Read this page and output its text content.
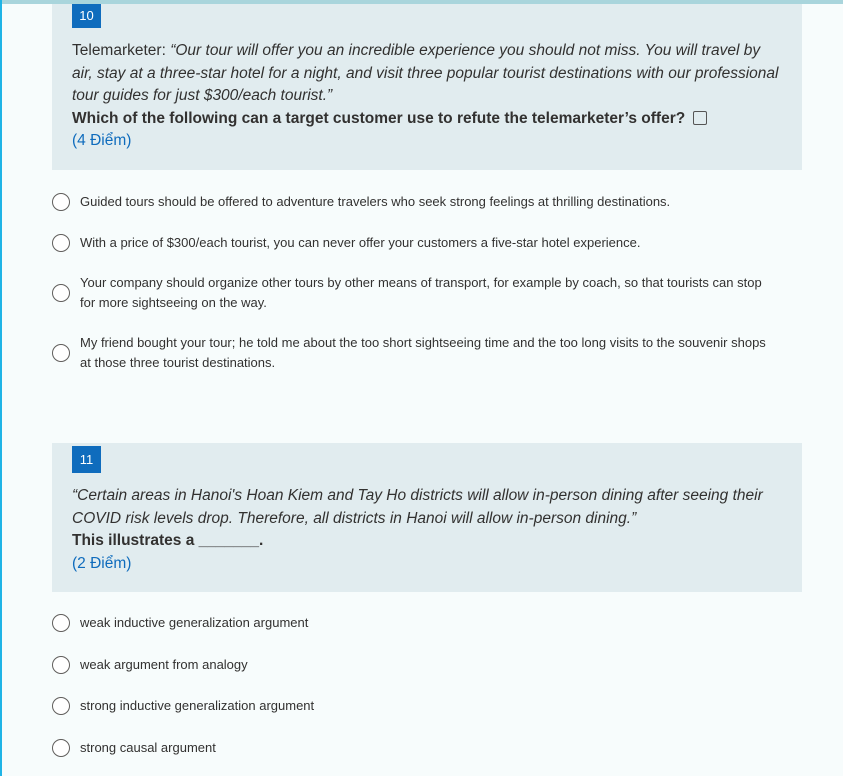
10
Telemarketer: “Our tour will offer you an incredible experience you should not miss. You will travel by air, stay at a three-star hotel for a night, and visit three popular tourist destinations with our professional tour guides for just $300/each tourist.”
Which of the following can a target customer use to refute the telemarketer’s offer?
(4 Điểm)
Guided tours should be offered to adventure travelers who seek strong feelings at thrilling destinations.
With a price of $300/each tourist, you can never offer your customers a five-star hotel experience.
Your company should organize other tours by other means of transport, for example by coach, so that tourists can stop for more sightseeing on the way.
My friend bought your tour; he told me about the too short sightseeing time and the too long visits to the souvenir shops at those three tourist destinations.
11
“Certain areas in Hanoi's Hoan Kiem and Tay Ho districts will allow in-person dining after seeing their COVID risk levels drop. Therefore, all districts in Hanoi will allow in-person dining.”
This illustrates a _______.
(2 Điểm)
weak inductive generalization argument
weak argument from analogy
strong inductive generalization argument
strong causal argument
